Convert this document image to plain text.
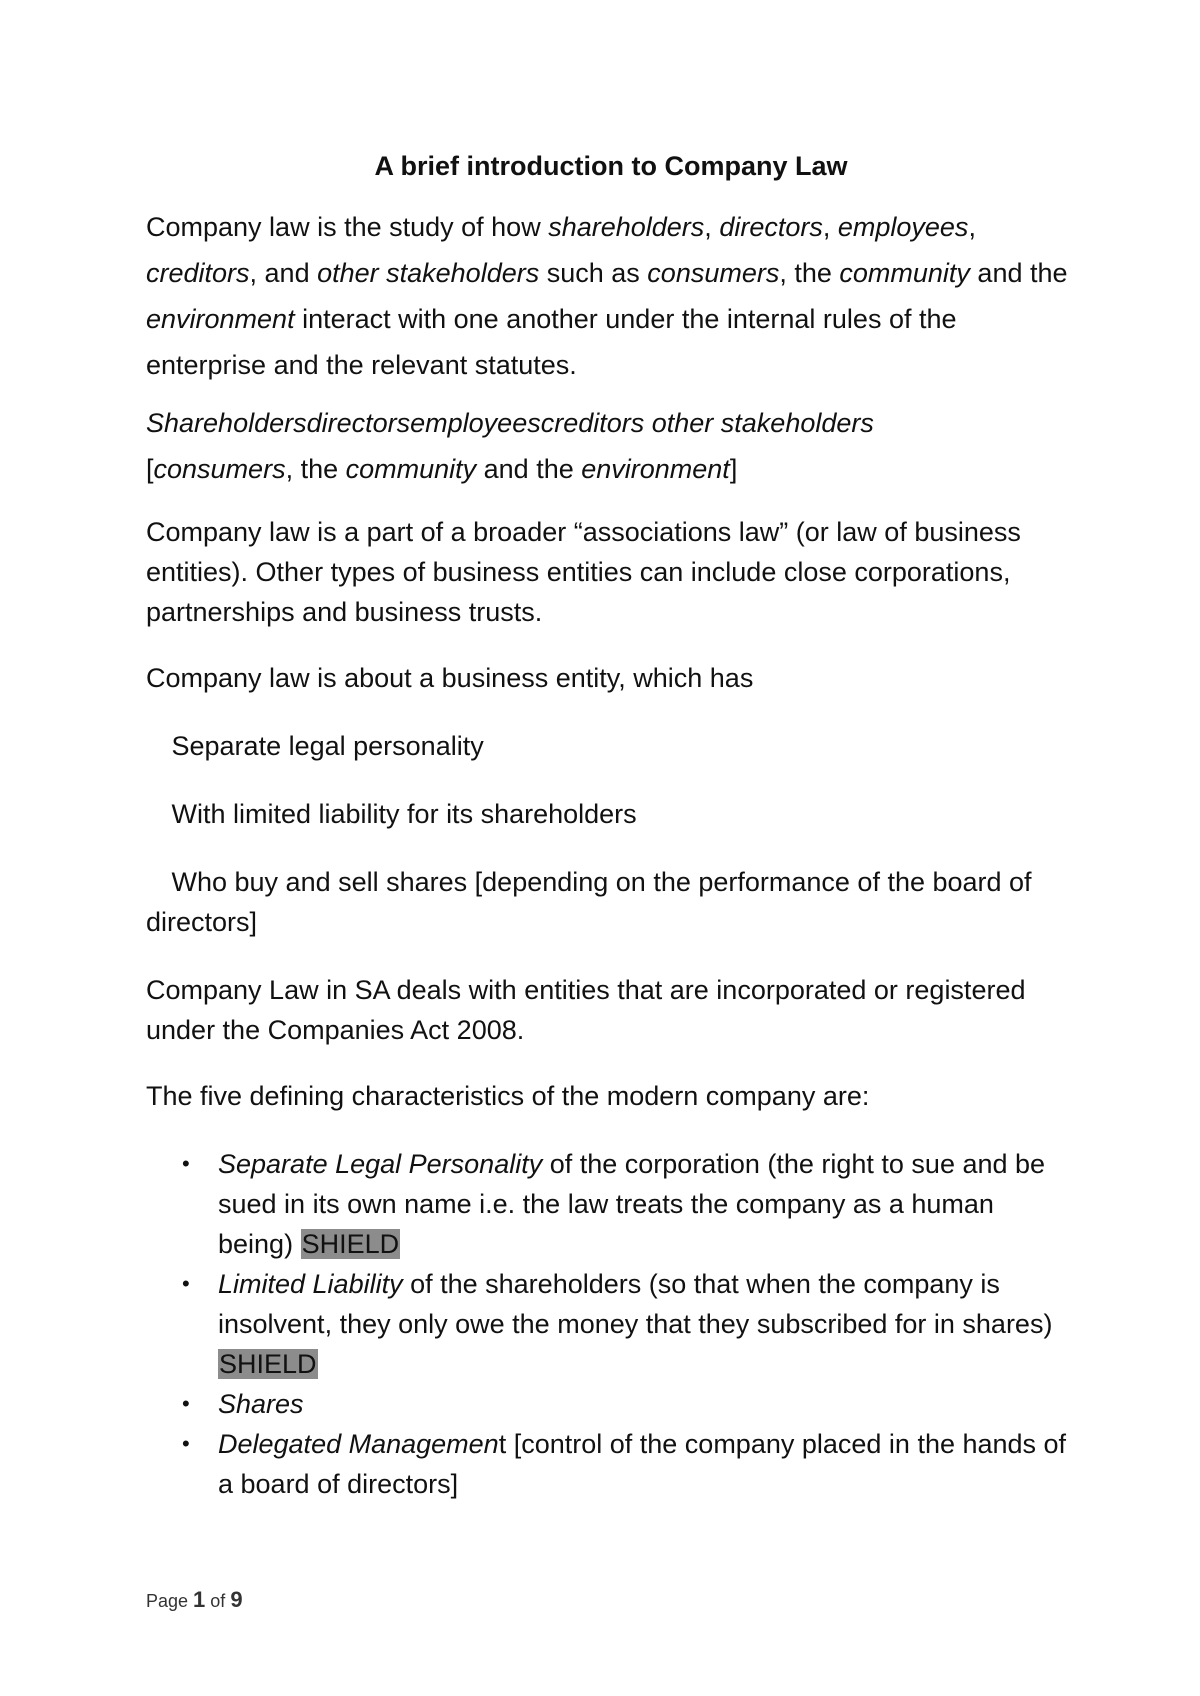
A brief introduction to Company Law

Company law is the study of how shareholders, directors, employees, creditors, and other stakeholders such as consumers, the community and the environment interact with one another under the internal rules of the enterprise and the relevant statutes.

Shareholdersdirectorsemployeescreditors other stakeholders
[consumers, the community and the environment]

Company law is a part of a broader “associations law” (or law of business entities). Other types of business entities can include close corporations, partnerships and business trusts.

Company law is about a business entity, which has

Separate legal personality

With limited liability for its shareholders

Who buy and sell shares [depending on the performance of the board of directors]

Company Law in SA deals with entities that are incorporated or registered under the Companies Act 2008.

The five defining characteristics of the modern company are:

• Separate Legal Personality of the corporation (the right to sue and be sued in its own name i.e. the law treats the company as a human being) SHIELD
• Limited Liability of the shareholders (so that when the company is insolvent, they only owe the money that they subscribed for in shares) SHIELD
• Shares
• Delegated Management [control of the company placed in the hands of a board of directors]
Page 1 of 9
